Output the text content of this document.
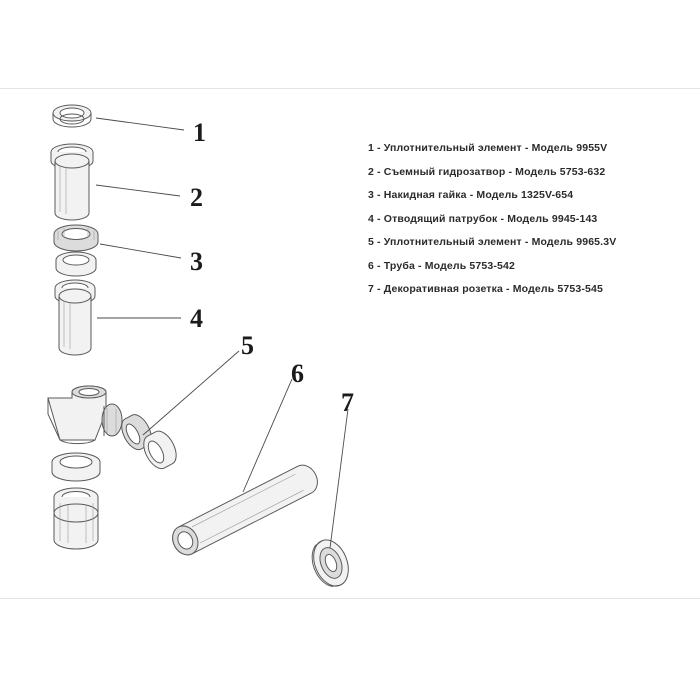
1
2
3
4
5
6
7
1 - Уплотнительный элемент - Модель 9955V
2 - Съемный гидрозатвор - Модель 5753-632
3 - Накидная гайка - Модель 1325V-654
4 - Отводящий патрубок - Модель 9945-143
5 - Уплотнительный элемент - Модель 9965.3V
6 - Труба - Модель 5753-542
7 - Декоративная розетка - Модель 5753-545
